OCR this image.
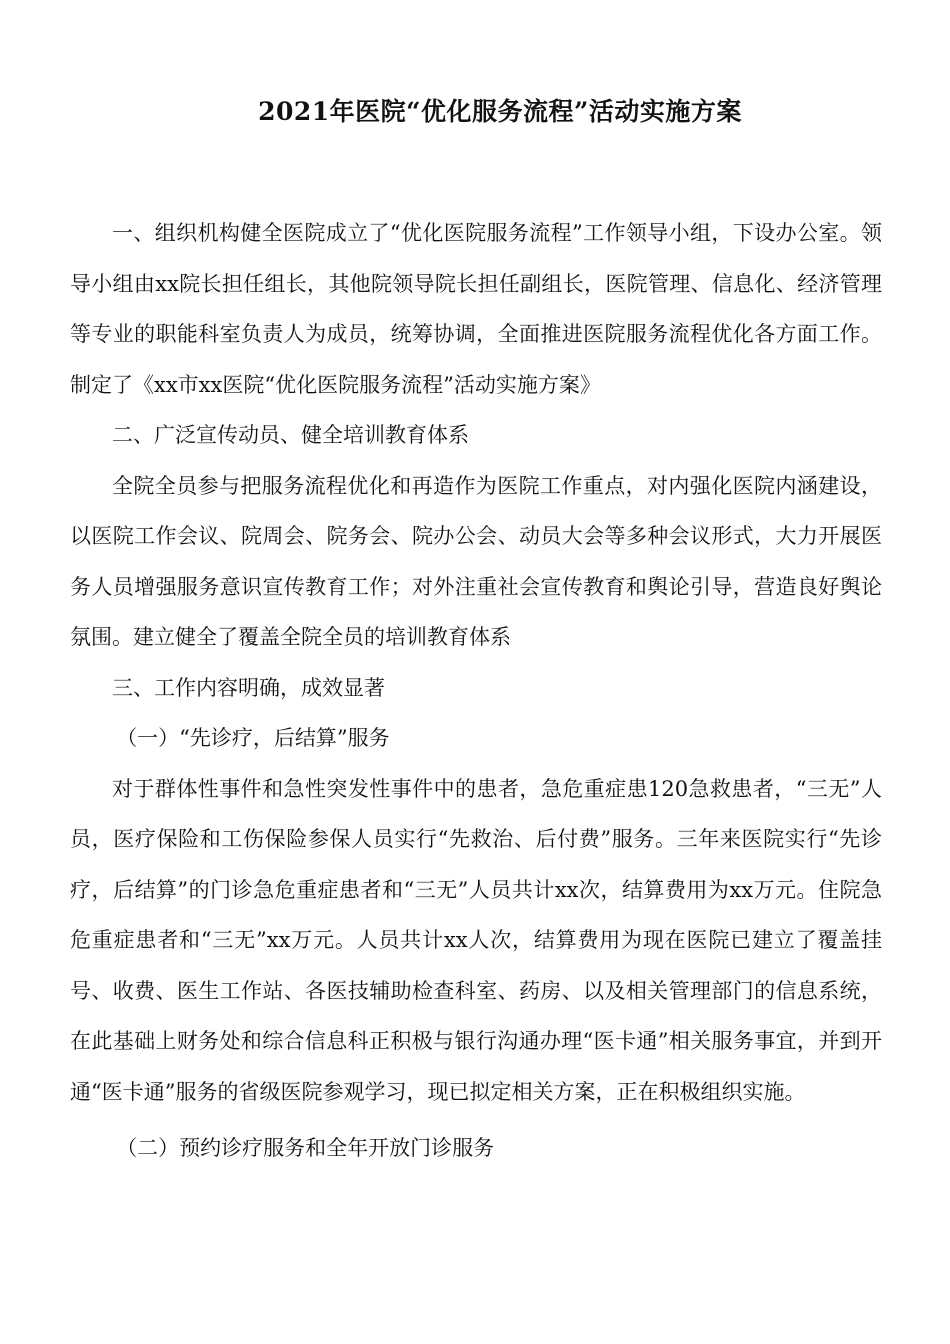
2021年医院“优化服务流程”活动实施方案

一、组织机构健全医院成立了“优化医院服务流程”工作领导小组，下设办公室。领导小组由xx院长担任组长，其他院领导院长担任副组长，医院管理、信息化、经济管理等专业的职能科室负责人为成员，统筹协调，全面推进医院服务流程优化各方面工作。制定了《xx市xx医院“优化医院服务流程”活动实施方案》

二、广泛宣传动员、健全培训教育体系

全院全员参与把服务流程优化和再造作为医院工作重点，对内强化医院内涵建设，以医院工作会议、院周会、院务会、院办公会、动员大会等多种会议形式，大力开展医务人员增强服务意识宣传教育工作；对外注重社会宣传教育和舆论引导，营造良好舆论氛围。建立健全了覆盖全院全员的培训教育体系

三、工作内容明确，成效显著

（一）“先诊疗，后结算”服务

对于群体性事件和急性突发性事件中的患者，急危重症患120急救患者，“三无”人员，医疗保险和工伤保险参保人员实行“先救治、后付费”服务。三年来医院实行“先诊疗，后结算”的门诊急危重症患者和“三无”人员共计xx次，结算费用为xx万元。住院急危重症患者和“三无”xx万元。人员共计xx人次，结算费用为现在医院已建立了覆盖挂号、收费、医生工作站、各医技辅助检查科室、药房、以及相关管理部门的信息系统，在此基础上财务处和综合信息科正积极与银行沟通办理“医卡通”相关服务事宜，并到开通“医卡通”服务的省级医院参观学习，现已拟定相关方案，正在积极组织实施。

（二）预约诊疗服务和全年开放门诊服务
